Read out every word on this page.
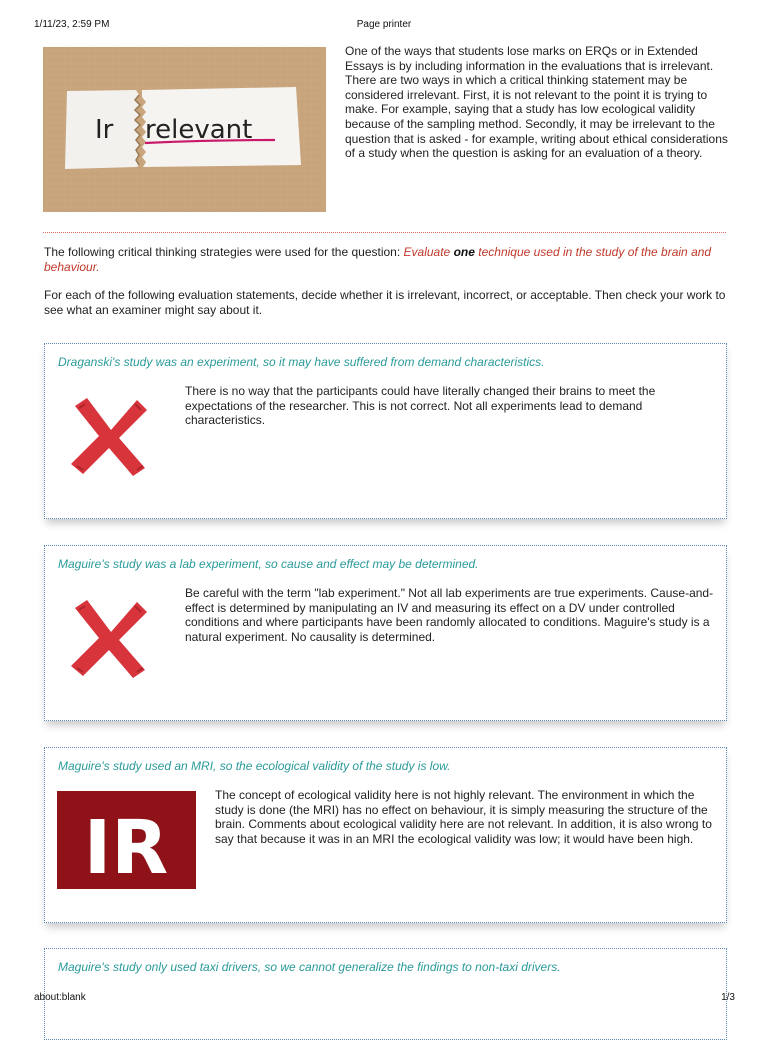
1/11/23, 2:59 PM	Page printer
Ir relevant
One of the ways that students lose marks on ERQs or in Extended Essays is by including information in the evaluations that is irrelevant. There are two ways in which a critical thinking statement may be considered irrelevant. First, it is not relevant to the point it is trying to make. For example, saying that a study has low ecological validity because of the sampling method. Secondly, it may be irrelevant to the question that is asked - for example, writing about ethical considerations of a study when the question is asking for an evaluation of a theory.
The following critical thinking strategies were used for the question: Evaluate one technique used in the study of the brain and behaviour.
For each of the following evaluation statements, decide whether it is irrelevant, incorrect, or acceptable. Then check your work to see what an examiner might say about it.
Draganski's study was an experiment, so it may have suffered from demand characteristics.
There is no way that the participants could have literally changed their brains to meet the expectations of the researcher. This is not correct. Not all experiments lead to demand characteristics.
Maguire's study was a lab experiment, so cause and effect may be determined.
Be careful with the term "lab experiment." Not all lab experiments are true experiments. Cause-and-effect is determined by manipulating an IV and measuring its effect on a DV under controlled conditions and where participants have been randomly allocated to conditions. Maguire's study is a natural experiment. No causality is determined.
Maguire's study used an MRI, so the ecological validity of the study is low.
IR
The concept of ecological validity here is not highly relevant. The environment in which the study is done (the MRI) has no effect on behaviour, it is simply measuring the structure of the brain. Comments about ecological validity here are not relevant. In addition, it is also wrong to say that because it was in an MRI the ecological validity was low; it would have been high.
Maguire's study only used taxi drivers, so we cannot generalize the findings to non-taxi drivers.
about:blank	1/3
